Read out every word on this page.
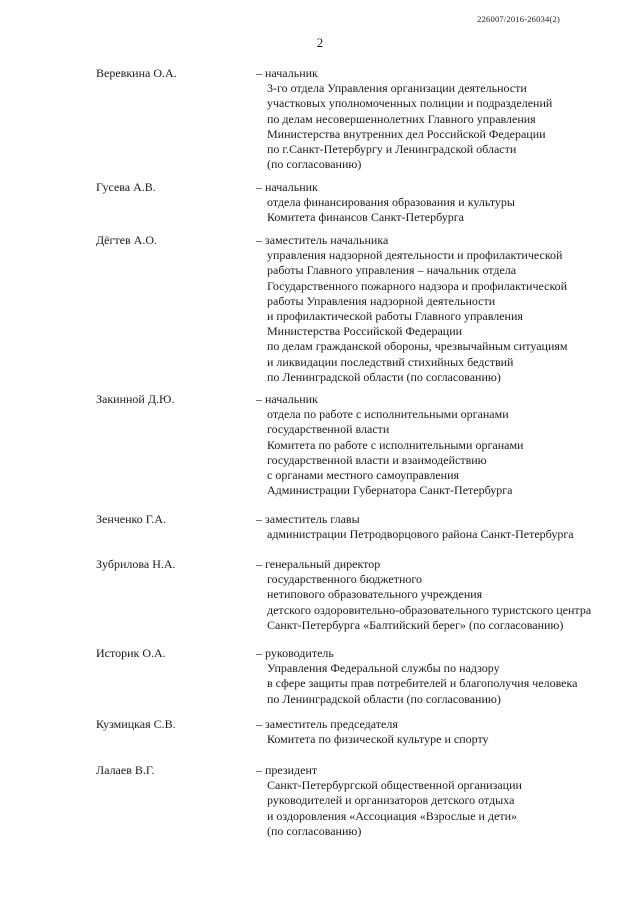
226007/2016-26034(2)
2
Веревкина О.А.	– начальник
3-го отдела Управления организации деятельности
участковых уполномоченных полиции и подразделений
по делам несовершеннолетних Главного управления
Министерства внутренних дел Российской Федерации
по г.Санкт-Петербургу и Ленинградской области
(по согласованию)
Гусева А.В.	– начальник
отдела финансирования образования и культуры
Комитета финансов Санкт-Петербурга
Дёгтев А.О.	– заместитель начальника
управления надзорной деятельности и профилактической
работы Главного управления – начальник отдела
Государственного пожарного надзора и профилактической
работы Управления надзорной деятельности
и профилактической работы Главного управления
Министерства Российской Федерации
по делам гражданской обороны, чрезвычайным ситуациям
и ликвидации последствий стихийных бедствий
по Ленинградской области (по согласованию)
Закинной Д.Ю.	– начальник
отдела по работе с исполнительными органами
государственной власти
Комитета по работе с исполнительными органами
государственной власти и взаимодействию
с органами местного самоуправления
Администрации Губернатора Санкт-Петербурга
Зенченко Г.А.	– заместитель главы
администрации Петродворцового района Санкт-Петербурга
Зубрилова Н.А.	– генеральный директор
государственного бюджетного
нетипового образовательного учреждения
детского оздоровительно-образовательного туристского центра
Санкт-Петербурга «Балтийский берег» (по согласованию)
Историк О.А.	– руководитель
Управления Федеральной службы по надзору
в сфере защиты прав потребителей и благополучия человека
по Ленинградской области (по согласованию)
Кузмицкая С.В.	– заместитель председателя
Комитета по физической культуре и спорту
Лалаев В.Г.	– президент
Санкт-Петербургской общественной организации
руководителей и организаторов детского отдыха
и оздоровления «Ассоциация «Взрослые и дети»
(по согласованию)
